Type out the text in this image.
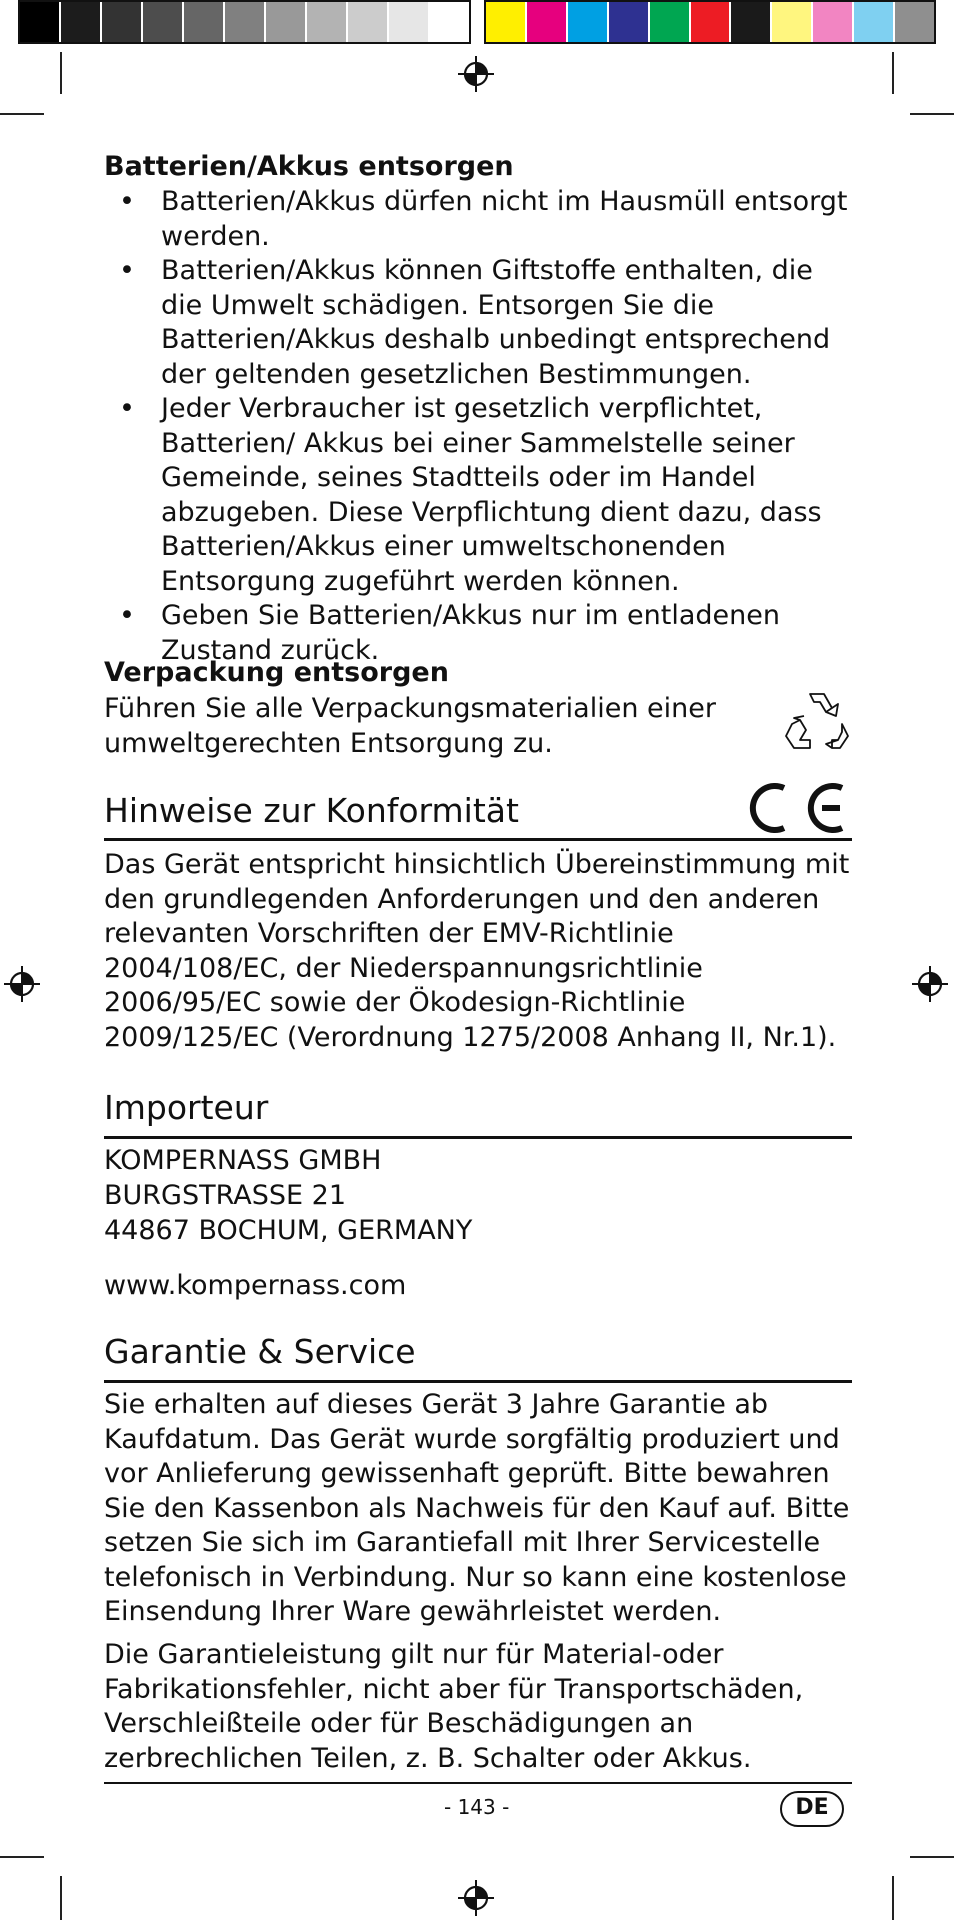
Batterien/Akkus entsorgen
• Batterien/Akkus dürfen nicht im Hausmüll entsorgt werden.
• Batterien/Akkus können Giftstoffe enthalten, die die Umwelt schädigen. Entsorgen Sie die Batterien/Akkus deshalb unbedingt entsprechend der geltenden gesetzlichen Bestimmungen.
• Jeder Verbraucher ist gesetzlich verpflichtet, Batterien/ Akkus bei einer Sammelstelle seiner Gemeinde, seines Stadtteils oder im Handel abzugeben. Diese Verpflichtung dient dazu, dass Batterien/Akkus einer umweltschonenden Entsorgung zugeführt werden können.
• Geben Sie Batterien/Akkus nur im entladenen Zustand zurück.
Verpackung entsorgen
Führen Sie alle Verpackungsmaterialien einer umweltgerechten Entsorgung zu.
Hinweise zur Konformität
Das Gerät entspricht hinsichtlich Übereinstimmung mit den grundlegenden Anforderungen und den anderen relevanten Vorschriften der EMV-Richtlinie 2004/108/EC, der Niederspannungsrichtlinie 2006/95/EC sowie der Ökodesign-Richtlinie 2009/125/EC (Verordnung 1275/2008 Anhang II, Nr.1).
Importeur
KOMPERNASS GMBH
BURGSTRASSE 21
44867 BOCHUM, GERMANY
www.kompernass.com
Garantie & Service
Sie erhalten auf dieses Gerät 3 Jahre Garantie ab Kaufdatum. Das Gerät wurde sorgfältig produziert und vor Anlieferung gewissenhaft geprüft. Bitte bewahren Sie den Kassenbon als Nachweis für den Kauf auf. Bitte setzen Sie sich im Garantiefall mit Ihrer Servicestelle telefonisch in Verbindung. Nur so kann eine kostenlose Einsendung Ihrer Ware gewährleistet werden.
Die Garantieleistung gilt nur für Material-oder Fabrikationsfehler, nicht aber für Transportschäden, Verschleißteile oder für Beschädigungen an zerbrechlichen Teilen, z. B. Schalter oder Akkus.
- 143 -	DE
